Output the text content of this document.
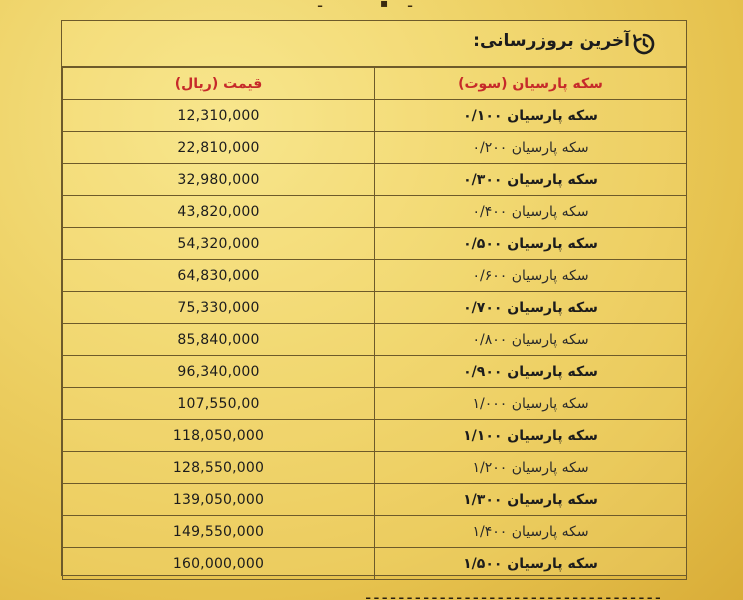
ـ	▪ ـ
آخرین بروزرسانی:
قیمت (ریال)	سکه پارسیان (سوت)
12,310,000	سکه پارسیان ۰/۱۰۰
22,810,000	سکه پارسیان ۰/۲۰۰
32,980,000	سکه پارسیان ۰/۳۰۰
43,820,000	سکه پارسیان ۰/۴۰۰
54,320,000	سکه پارسیان ۰/۵۰۰
64,830,000	سکه پارسیان ۰/۶۰۰
75,330,000	سکه پارسیان ۰/۷۰۰
85,840,000	سکه پارسیان ۰/۸۰۰
96,340,000	سکه پارسیان ۰/۹۰۰
107,550,00	سکه پارسیان ۱/۰۰۰
118,050,000	سکه پارسیان ۱/۱۰۰
128,550,000	سکه پارسیان ۱/۲۰۰
139,050,000	سکه پارسیان ۱/۳۰۰
149,550,000	سکه پارسیان ۱/۴۰۰
160,000,000	سکه پارسیان ۱/۵۰۰
ـ ـ ـ ـ ـ ـ ـ ـ ـ ـ ـ ـ ـ ـ ـ ـ ـ ـ ـ ـ ـ ـ ـ ـ ـ ـ ـ ـ ـ ـ ـ ـ ـ ـ ـ ـ
